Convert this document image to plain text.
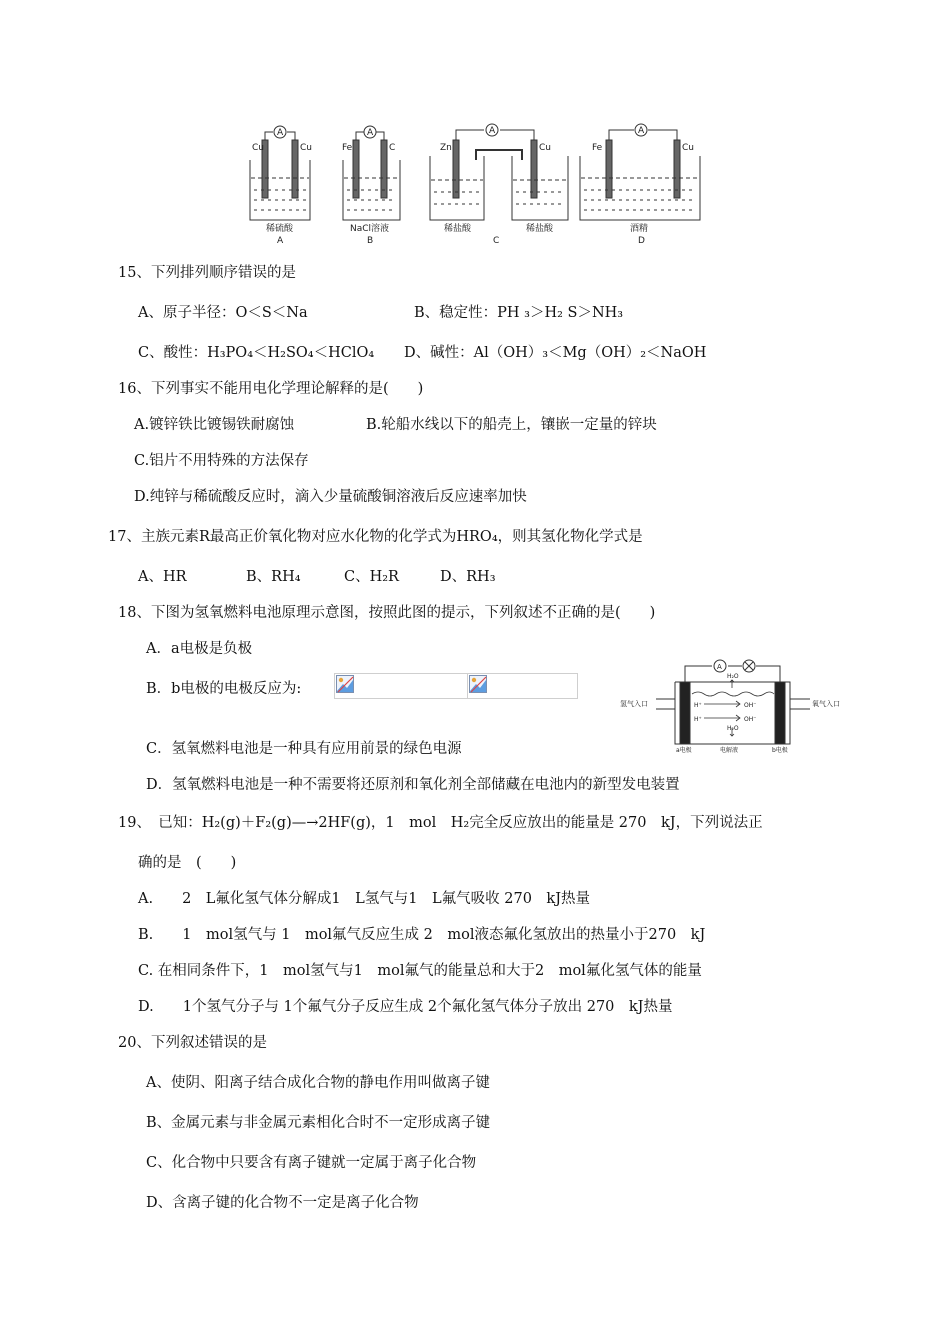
A	A	A	A
Cu	Cu	Fe	C	Zn	Cu	Fe	Cu
稀硫酸	NaCl溶液	稀盐酸	稀盐酸	酒精
A	B	C	D
15、下列排列顺序错误的是
A、原子半径：O＜S＜Na	B、稳定性：PH ₃＞H₂ S＞NH₃
C、酸性：H₃PO₄＜H₂SO₄＜HClO₄ D、碱性：Al（OH）₃＜Mg（OH）₂＜NaOH
16、下列事实不能用电化学理论解释的是(　　)
A.镀锌铁比镀锡铁耐腐蚀	B.轮船水线以下的船壳上，镶嵌一定量的锌块
C.铝片不用特殊的方法保存
D.纯锌与稀硫酸反应时，滴入少量硫酸铜溶液后反应速率加快
17、主族元素R最高正价氧化物对应水化物的化学式为HRO₄，则其氢化物化学式是
A、HR	B、RH₄	C、H₂R	D、RH₃
18、下图为氢氧燃料电池原理示意图，按照此图的提示，下列叙述不正确的是(　　)
A．a电极是负极
B．b电极的电极反应为:
A
氢气入口	氧气入口
H₂O
H₂O
H⁺
H⁺
OH⁻
OH⁻
a电极	电解液	b电极
C．氢氧燃料电池是一种具有应用前景的绿色电源
D．氢氧燃料电池是一种不需要将还原剂和氧化剂全部储藏在电池内的新型发电装置
19、　已知：H₂(g)＋F₂(g)—→2HF(g)，1　mol　H₂完全反应放出的能量是 270　kJ，下列说法正
确的是　(　　)
A.　　2　L氟化氢气体分解成1　L氢气与1　L氟气吸收 270　kJ热量
B.　　1　mol氢气与 1　mol氟气反应生成 2　mol液态氟化氢放出的热量小于270　kJ
C. 在相同条件下，1　mol氢气与1　mol氟气的能量总和大于2　mol氟化氢气体的能量
D.　　1个氢气分子与 1个氟气分子反应生成 2个氟化氢气体分子放出 270　kJ热量
20、下列叙述错误的是
A、使阴、阳离子结合成化合物的静电作用叫做离子键
B、金属元素与非金属元素相化合时不一定形成离子键
C、化合物中只要含有离子键就一定属于离子化合物
D、含离子键的化合物不一定是离子化合物
